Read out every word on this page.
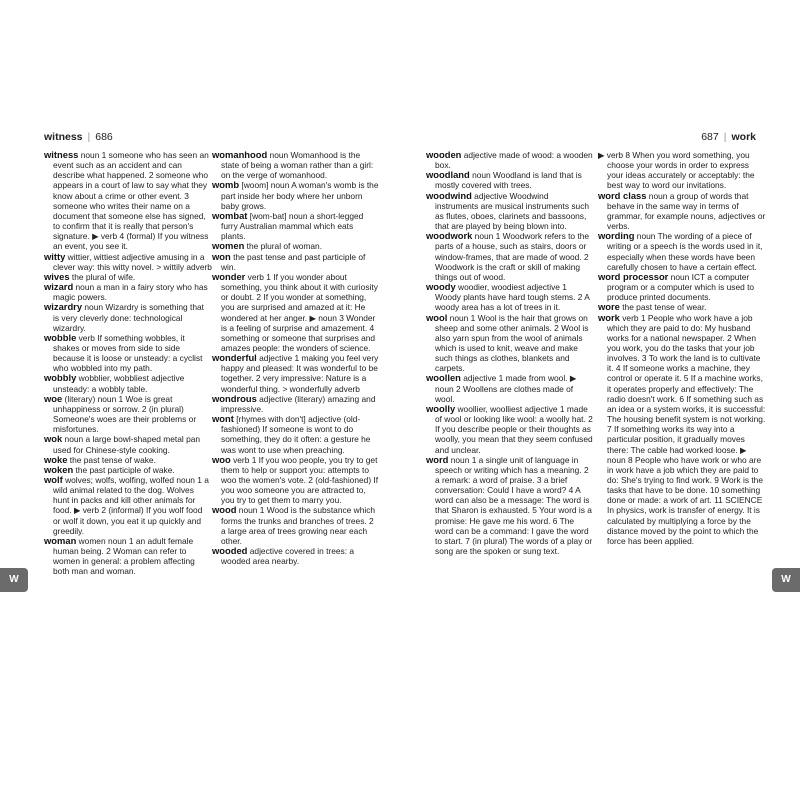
witness | 686

witness noun 1 someone who has seen an event such as an accident and can describe what happened. 2 someone who appears in a court of law to say what they know about a crime or other event. 3 someone who writes their name on a document that someone else has signed, to confirm that it is really that person's signature. ▶ verb 4 (formal) If you witness an event, you see it.

witty wittier, wittiest adjective amusing in a clever way: this witty novel. > wittily adverb

wives the plural of wife.

wizard noun a man in a fairy story who has magic powers.

wizardry noun Wizardry is something that is very cleverly done: technological wizardry.

wobble verb If something wobbles, it shakes or moves from side to side because it is loose or unsteady: a cyclist who wobbled into my path.

wobbly wobblier, wobbliest adjective unsteady: a wobbly table.

woe (literary) noun 1 Woe is great unhappiness or sorrow. 2 (in plural) Someone's woes are their problems or misfortunes.

wok noun a large bowl-shaped metal pan used for Chinese-style cooking.

woke the past tense of wake.

woken the past participle of wake.

wolf wolves; wolfs, wolfing, wolfed noun 1 a wild animal related to the dog. Wolves hunt in packs and kill other animals for food. ▶ verb 2 (informal) If you wolf food or wolf it down, you eat it up quickly and greedily.

woman women noun 1 an adult female human being. 2 Woman can refer to women in general: a problem affecting both man and woman.

womanhood noun Womanhood is the state of being a woman rather than a girl: on the verge of womanhood.

womb [woom] noun A woman's womb is the part inside her body where her unborn baby grows.

wombat [wom-bat] noun a short-legged furry Australian mammal which eats plants.

women the plural of woman.

won the past tense and past participle of win.

wonder verb 1 If you wonder about something, you think about it with curiosity or doubt. 2 If you wonder at something, you are surprised and amazed at it: He wondered at her anger. ▶ noun 3 Wonder is a feeling of surprise and amazement. 4 something or someone that surprises and amazes people: the wonders of science.

wonderful adjective 1 making you feel very happy and pleased: It was wonderful to be together. 2 very impressive: Nature is a wonderful thing. > wonderfully adverb

wondrous adjective (literary) amazing and impressive.

wont [rhymes with don't] adjective (old-fashioned) If someone is wont to do something, they do it often: a gesture he was wont to use when preaching.

woo verb 1 If you woo people, you try to get them to help or support you: attempts to woo the women's vote. 2 (old-fashioned) If you woo someone you are attracted to, you try to get them to marry you.

wood noun 1 Wood is the substance which forms the trunks and branches of trees. 2 a large area of trees growing near each other.

wooded adjective covered in trees: a wooded area nearby.

687 | work

wooden adjective made of wood: a wooden box.

woodland noun Woodland is land that is mostly covered with trees.

woodwind adjective Woodwind instruments are musical instruments such as flutes, oboes, clarinets and bassoons, that are played by being blown into.

woodwork noun 1 Woodwork refers to the parts of a house, such as stairs, doors or window-frames, that are made of wood. 2 Woodwork is the craft or skill of making things out of wood.

woody woodier, woodiest adjective 1 Woody plants have hard tough stems. 2 A woody area has a lot of trees in it.

wool noun 1 Wool is the hair that grows on sheep and some other animals. 2 Wool is also yarn spun from the wool of animals which is used to knit, weave and make such things as clothes, blankets and carpets.

woollen adjective 1 made from wool. ▶ noun 2 Woollens are clothes made of wool.

woolly woollier, woolliest adjective 1 made of wool or looking like wool: a woolly hat. 2 If you describe people or their thoughts as woolly, you mean that they seem confused and unclear.

word noun 1 a single unit of language in speech or writing which has a meaning. 2 a remark: a word of praise. 3 a brief conversation: Could I have a word? 4 A word can also be a message: The word is that Sharon is exhausted. 5 Your word is a promise: He gave me his word. 6 The word can be a command: I gave the word to start. 7 (in plural) The words of a play or song are the spoken or sung text.

▶ verb 8 When you word something, you choose your words in order to express your ideas accurately or acceptably: the best way to word our invitations.

word class noun a group of words that behave in the same way in terms of grammar, for example nouns, adjectives or verbs.

wording noun The wording of a piece of writing or a speech is the words used in it, especially when these words have been carefully chosen to have a certain effect.

word processor noun ICT a computer program or a computer which is used to produce printed documents.

wore the past tense of wear.

work verb 1 People who work have a job which they are paid to do: My husband works for a national newspaper. 2 When you work, you do the tasks that your job involves. 3 To work the land is to cultivate it. 4 If someone works a machine, they control or operate it. 5 If a machine works, it operates properly and effectively: The radio doesn't work. 6 If something such as an idea or a system works, it is successful: The housing benefit system is not working. 7 If something works its way into a particular position, it gradually moves there: The cable had worked loose. ▶ noun 8 People who have work or who are in work have a job which they are paid to do: She's trying to find work. 9 Work is the tasks that have to be done. 10 something done or made: a work of art. 11 SCIENCE In physics, work is transfer of energy. It is calculated by multiplying a force by the distance moved by the point to which the force has been applied.

W	W
